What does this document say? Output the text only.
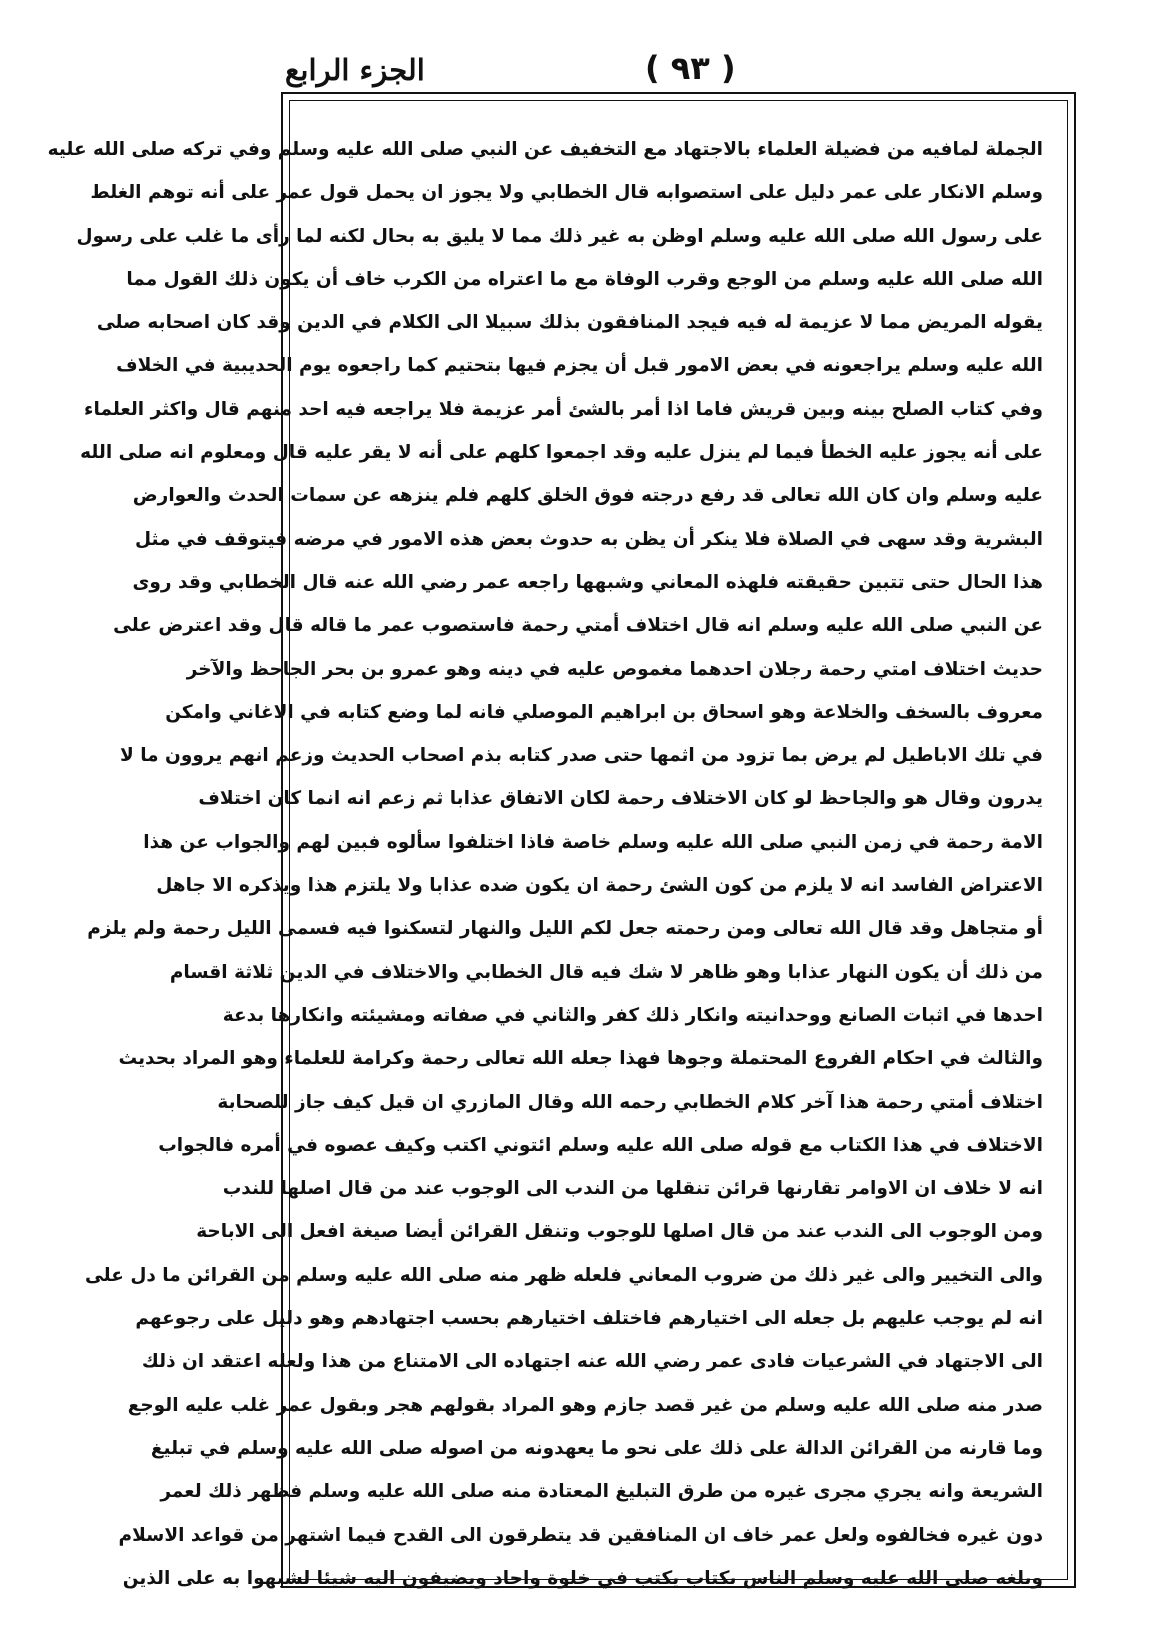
الجزء الرابع	( ٩٣ )
الجملة لمافيه من فضيلة العلماء بالاجتهاد مع التخفيف عن النبي صلى الله عليه وسلم وفي تركه صلى الله عليه
وسلم الانكار على عمر دليل على استصوابه قال الخطابي ولا يجوز ان يحمل قول عمر على أنه توهم الغلط
على رسول الله صلى الله عليه وسلم اوظن به غير ذلك مما لا يليق به بحال لكنه لما رأى ما غلب على رسول
الله صلى الله عليه وسلم من الوجع وقرب الوفاة مع ما اعتراه من الكرب خاف أن يكون ذلك القول مما
يقوله المريض مما لا عزيمة له فيه فيجد المنافقون بذلك سبيلا الى الكلام في الدين وقد كان اصحابه صلى
الله عليه وسلم يراجعونه في بعض الامور قبل أن يجزم فيها بتحتيم كما راجعوه يوم الحديبية في الخلاف
وفي كتاب الصلح بينه وبين قريش فاما اذا أمر بالشئ أمر عزيمة فلا يراجعه فيه احد منهم قال واكثر العلماء
على أنه يجوز عليه الخطأ فيما لم ينزل عليه وقد اجمعوا كلهم على أنه لا يقر عليه قال ومعلوم انه صلى الله
عليه وسلم وان كان الله تعالى قد رفع درجته فوق الخلق كلهم فلم ينزهه عن سمات الحدث والعوارض
البشرية وقد سهى في الصلاة فلا ينكر أن يظن به حدوث بعض هذه الامور في مرضه فيتوقف في مثل
هذا الحال حتى تتبين حقيقته فلهذه المعاني وشبهها راجعه عمر رضي الله عنه قال الخطابي وقد روى
عن النبي صلى الله عليه وسلم انه قال اختلاف أمتي رحمة فاستصوب عمر ما قاله قال وقد اعترض على
حديث اختلاف امتي رحمة رجلان احدهما مغموص عليه في دينه وهو عمرو بن بحر الجاحظ والآخر
معروف بالسخف والخلاعة وهو اسحاق بن ابراهيم الموصلي فانه لما وضع كتابه في الاغاني وامكن
في تلك الاباطيل لم يرض بما تزود من اثمها حتى صدر كتابه بذم اصحاب الحديث وزعم انهم يروون ما لا
يدرون وقال هو والجاحظ لو كان الاختلاف رحمة لكان الاتفاق عذابا ثم زعم انه انما كان اختلاف
الامة رحمة في زمن النبي صلى الله عليه وسلم خاصة فاذا اختلفوا سألوه فبين لهم والجواب عن هذا
الاعتراض الفاسد انه لا يلزم من كون الشئ رحمة ان يكون ضده عذابا ولا يلتزم هذا ويذكره الا جاهل
أو متجاهل وقد قال الله تعالى ومن رحمته جعل لكم الليل والنهار لتسكنوا فيه فسمى الليل رحمة ولم يلزم
من ذلك أن يكون النهار عذابا وهو ظاهر لا شك فيه قال الخطابي والاختلاف في الدين ثلاثة اقسام
احدها في اثبات الصانع ووحدانيته وانكار ذلك كفر والثاني في صفاته ومشيئته وانكارها بدعة
والثالث في احكام الفروع المحتملة وجوها فهذا جعله الله تعالى رحمة وكرامة للعلماء وهو المراد بحديث
اختلاف أمتي رحمة هذا آخر كلام الخطابي رحمه الله وقال المازري ان قيل كيف جاز للصحابة
الاختلاف في هذا الكتاب مع قوله صلى الله عليه وسلم ائتوني اكتب وكيف عصوه في أمره فالجواب
انه لا خلاف ان الاوامر تقارنها قرائن تنقلها من الندب الى الوجوب عند من قال اصلها للندب
ومن الوجوب الى الندب عند من قال اصلها للوجوب وتنقل القرائن أيضا صيغة افعل الى الاباحة
والى التخيير والى غير ذلك من ضروب المعاني فلعله ظهر منه صلى الله عليه وسلم من القرائن ما دل على
انه لم يوجب عليهم بل جعله الى اختيارهم فاختلف اختيارهم بحسب اجتهادهم وهو دليل على رجوعهم
الى الاجتهاد في الشرعيات فادى عمر رضي الله عنه اجتهاده الى الامتناع من هذا ولعله اعتقد ان ذلك
صدر منه صلى الله عليه وسلم من غير قصد جازم وهو المراد بقولهم هجر وبقول عمر غلب عليه الوجع
وما قارنه من القرائن الدالة على ذلك على نحو ما يعهدونه من اصوله صلى الله عليه وسلم في تبليغ
الشريعة وانه يجري مجرى غيره من طرق التبليغ المعتادة منه صلى الله عليه وسلم فظهر ذلك لعمر
دون غيره فخالفوه ولعل عمر خاف ان المنافقين قد يتطرقون الى القدح فيما اشتهر من قواعد الاسلام
وبلغه صلى الله عليه وسلم الناس بكتاب يكتب في خلوة واحاد ويضيفون اليه شيئا لشبهوا به على الذين
